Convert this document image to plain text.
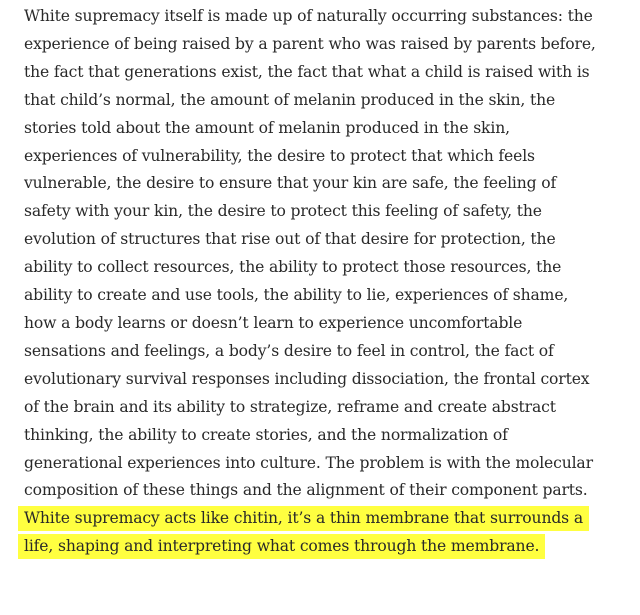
White supremacy itself is made up of naturally occurring substances: the experience of being raised by a parent who was raised by parents before, the fact that generations exist, the fact that what a child is raised with is that child’s normal, the amount of melanin produced in the skin, the stories told about the amount of melanin produced in the skin, experiences of vulnerability, the desire to protect that which feels vulnerable, the desire to ensure that your kin are safe, the feeling of safety with your kin, the desire to protect this feeling of safety, the evolution of structures that rise out of that desire for protection, the ability to collect resources, the ability to protect those resources, the ability to create and use tools, the ability to lie, experiences of shame, how a body learns or doesn’t learn to experience uncomfortable sensations and feelings, a body’s desire to feel in control, the fact of evolutionary survival responses including dissociation, the frontal cortex of the brain and its ability to strategize, reframe and create abstract thinking, the ability to create stories, and the normalization of generational experiences into culture. The problem is with the molecular composition of these things and the alignment of their component parts. White supremacy acts like chitin, it’s a thin membrane that surrounds a life, shaping and interpreting what comes through the membrane.
